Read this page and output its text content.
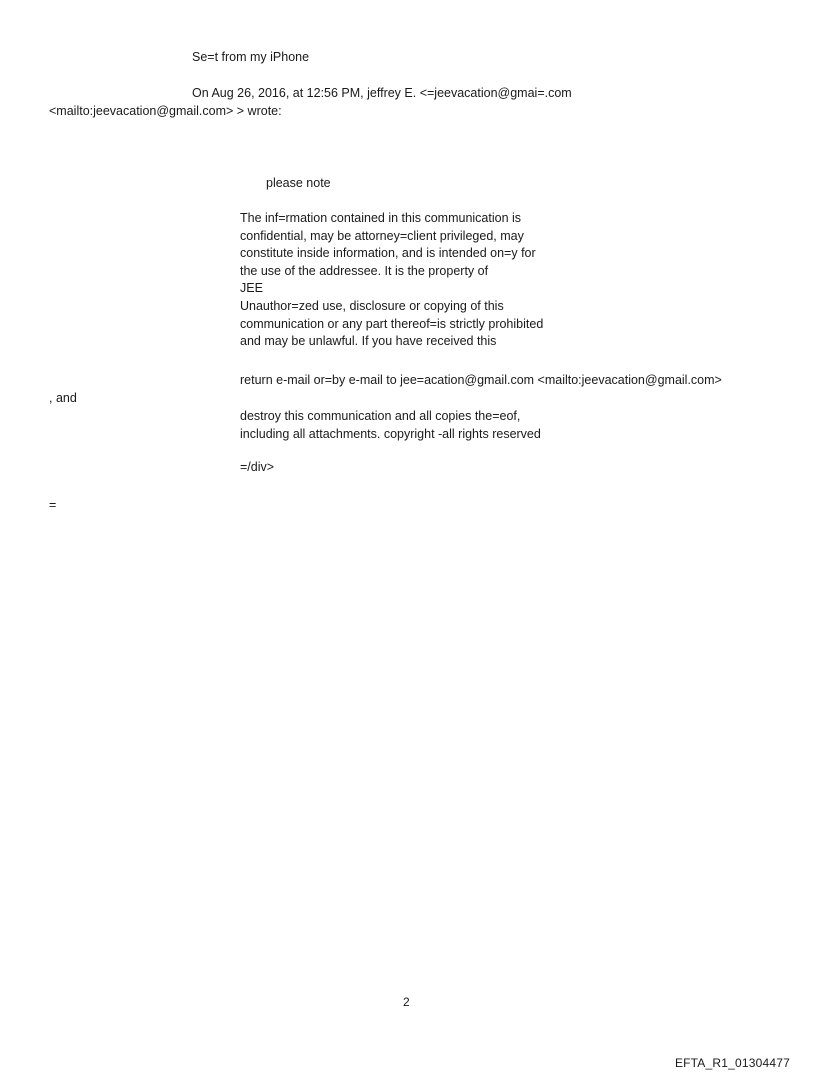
Se=t from my iPhone
On Aug 26, 2016, at 12:56 PM, jeffrey E. <=jeevacation@gmai=.com
<mailto:jeevacation@gmail.com> > wrote:
please note
The inf=rmation contained in this communication is
confidential, may be attorney=client privileged, may
constitute inside information, and is intended on=y for
the use of the addressee. It is the property of
JEE
Unauthor=zed use, disclosure or copying of this
communication or any part thereof=is strictly prohibited
and may be unlawful. If you have received this
return e-mail or=by e-mail to jee=acation@gmail.com <mailto:jeevacation@gmail.com>
, and
destroy this communication and all copies the=eof,
including all attachments. copyright -all rights reserved
=/div>
=
2
EFTA_R1_01304477
